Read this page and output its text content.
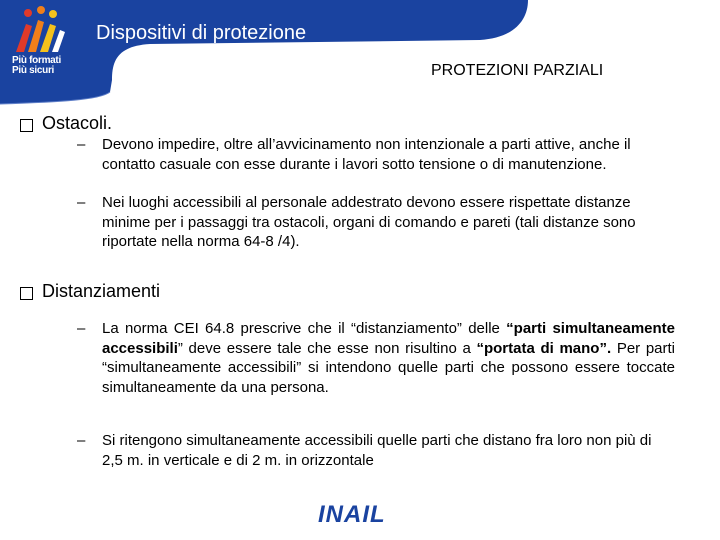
Più formati
Più sicuri
Dispositivi di protezione
PROTEZIONI PARZIALI
Ostacoli.
– Devono impedire, oltre all’avvicinamento non intenzionale a parti attive, anche il contatto casuale con esse durante i lavori sotto tensione o di manutenzione.
– Nei luoghi accessibili al personale addestrato devono essere rispettate distanze minime per i passaggi tra ostacoli, organi di comando e pareti (tali distanze sono riportate nella norma 64-8 /4).
Distanziamenti
– La norma CEI 64.8 prescrive che il “distanziamento” delle “parti simultaneamente accessibili” deve essere tale che esse non risultino a “portata di mano”. Per parti “simultaneamente accessibili” si intendono quelle parti che possono essere toccate simultaneamente da una persona.
– Si ritengono simultaneamente accessibili quelle parti che distano fra loro non più di 2,5 m. in verticale e di 2 m. in orizzontale
INAIL
